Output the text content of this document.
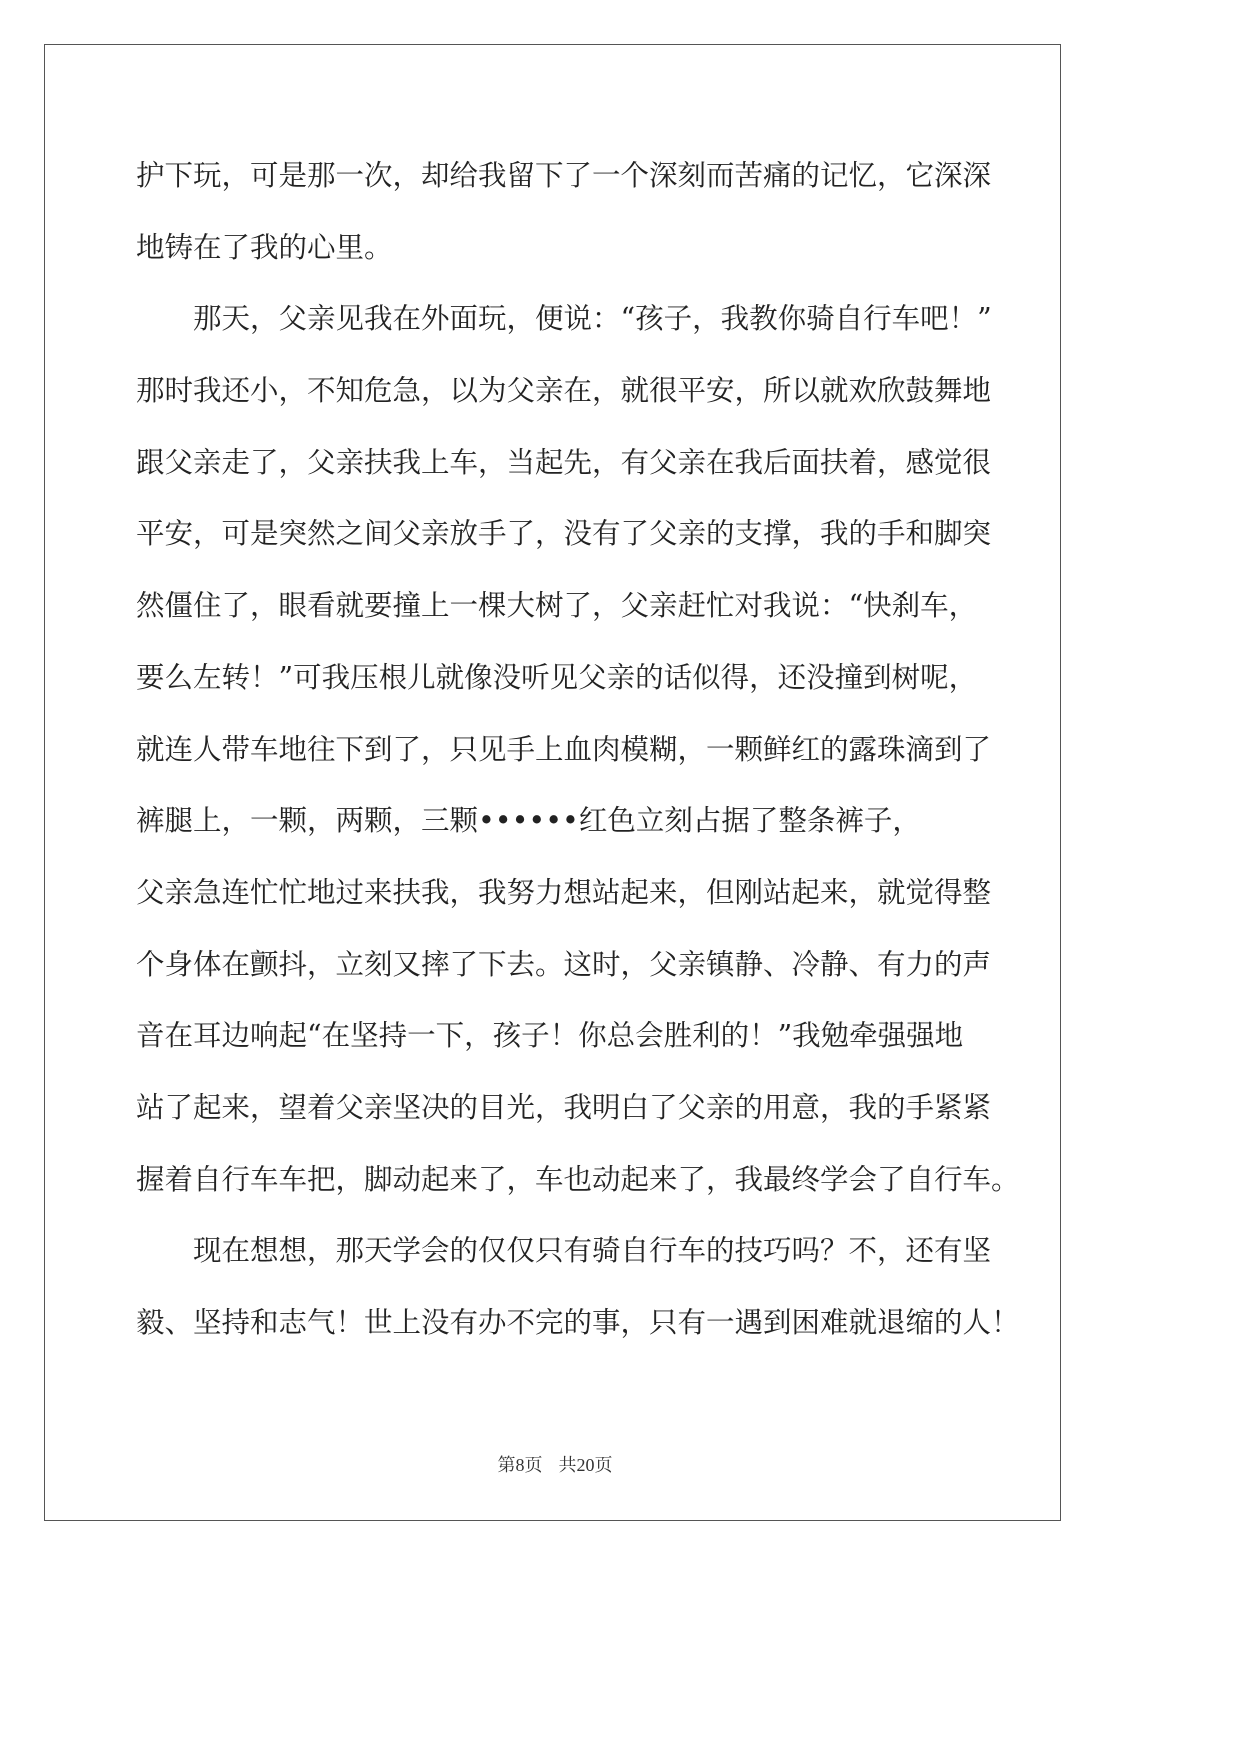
护下玩，可是那一次，却给我留下了一个深刻而苦痛的记忆，它深深
地铸在了我的心里。
那天，父亲见我在外面玩，便说：“孩子，我教你骑自行车吧！”
那时我还小，不知危急，以为父亲在，就很平安，所以就欢欣鼓舞地
跟父亲走了，父亲扶我上车，当起先，有父亲在我后面扶着，感觉很
平安，可是突然之间父亲放手了，没有了父亲的支撑，我的手和脚突
然僵住了，眼看就要撞上一棵大树了，父亲赶忙对我说：“快刹车，
要么左转！”可我压根儿就像没听见父亲的话似得，还没撞到树呢，
就连人带车地往下到了，只见手上血肉模糊，一颗鲜红的露珠滴到了
裤腿上，一颗，两颗，三颗••••••红色立刻占据了整条裤子，
父亲急连忙忙地过来扶我，我努力想站起来，但刚站起来，就觉得整
个身体在颤抖，立刻又摔了下去。这时，父亲镇静、冷静、有力的声
音在耳边响起“在坚持一下，孩子！你总会胜利的！”我勉牵强强地
站了起来，望着父亲坚决的目光，我明白了父亲的用意，我的手紧紧
握着自行车车把，脚动起来了，车也动起来了，我最终学会了自行车。
现在想想，那天学会的仅仅只有骑自行车的技巧吗？不，还有坚
毅、坚持和志气！世上没有办不完的事，只有一遇到困难就退缩的人！
第8页 共20页
